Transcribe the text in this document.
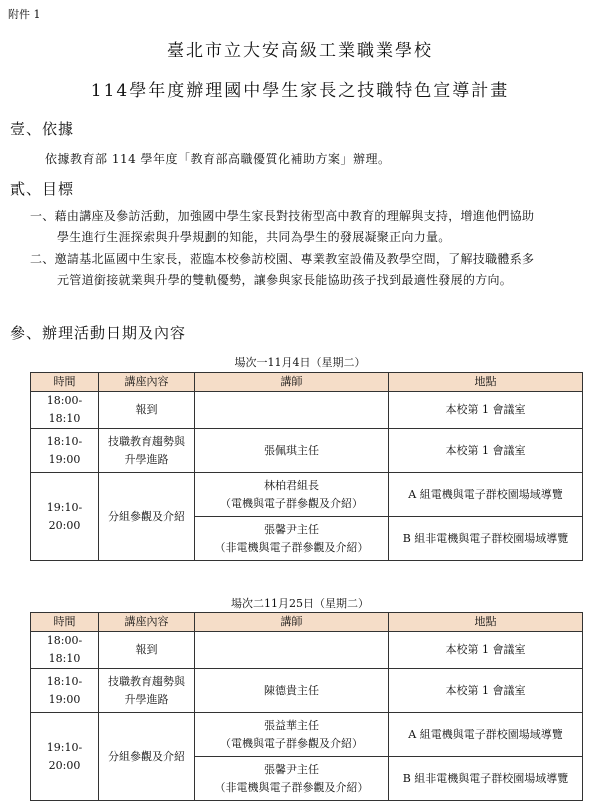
附件 1
臺北市立大安高級工業職業學校
114學年度辦理國中學生家長之技職特色宣導計畫
壹、依據
依據教育部 114 學年度「教育部高職優質化補助方案」辦理。
貳、目標
一、藉由講座及參訪活動，加強國中學生家長對技術型高中教育的理解與支持，增進他們協助
學生進行生涯探索與升學規劃的知能，共同為學生的發展凝聚正向力量。
二、邀請基北區國中生家長，蒞臨本校參訪校園、專業教室設備及教學空間，了解技職體系多
元管道銜接就業與升學的雙軌優勢，讓參與家長能協助孩子找到最適性發展的方向。
參、辦理活動日期及內容
場次一11月4日（星期二）
時間	講座內容	講師	地點
18:00-18:10	報到		本校第 1 會議室
18:10-19:00	技職教育趨勢與
升學進路	張佩琪主任	本校第 1 會議室
19:10-20:00	分組參觀及介紹	林柏君組長
（電機與電子群參觀及介紹）	A 組電機與電子群校園場域導覽

		張馨尹主任
（非電機與電子群參觀及介紹）	B 組非電機與電子群校園場域導覽
場次二11月25日（星期二）
時間	講座內容	講師	地點
18:00-18:10	報到		本校第 1 會議室
18:10-19:00	技職教育趨勢與
升學進路	陳德貴主任	本校第 1 會議室
19:10-20:00	分組參觀及介紹	張益華主任
（電機與電子群參觀及介紹）	A 組電機與電子群校園場域導覽

		張馨尹主任
（非電機與電子群參觀及介紹）	B 組非電機與電子群校園場域導覽
